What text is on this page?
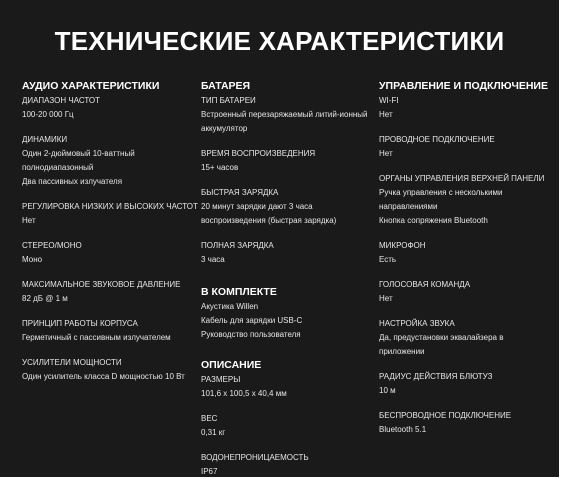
ТЕХНИЧЕСКИЕ ХАРАКТЕРИСТИКИ
АУДИО ХАРАКТЕРИСТИКИ
ДИАПАЗОН ЧАСТОТ
100-20 000 Гц
ДИНАМИКИ
Один 2-дюймовый 10-ваттный
полнодиапазонный
Два пассивных излучателя
РЕГУЛИРОВКА НИЗКИХ И ВЫСОКИХ ЧАСТОТ
Нет
СТЕРЕО/МОНО
Моно
МАКСИМАЛЬНОЕ ЗВУКОВОЕ ДАВЛЕНИЕ
82 дБ @ 1 м
ПРИНЦИП РАБОТЫ КОРПУСА
Герметичный с пассивным излучателем
УСИЛИТЕЛИ МОЩНОСТИ
Один усилитель класса D мощностью 10 Вт
БАТАРЕЯ
ТИП БАТАРЕИ
Встроенный перезаряжаемый литий-ионный
аккумулятор
ВРЕМЯ ВОСПРОИЗВЕДЕНИЯ
15+ часов
БЫСТРАЯ ЗАРЯДКА
20 минут зарядки дают 3 часа
воспроизведения (быстрая зарядка)
ПОЛНАЯ ЗАРЯДКА
3 часа
В КОМПЛЕКТЕ
Акустика Willen
Кабель для зарядки USB-C
Руководство пользователя
ОПИСАНИЕ
РАЗМЕРЫ
101,6 x 100,5 x 40,4 мм
ВЕС
0,31 кг
ВОДОНЕПРОНИЦАЕМОСТЬ
IP67
УПРАВЛЕНИЕ И ПОДКЛЮЧЕНИЕ
WI-FI
Нет
ПРОВОДНОЕ ПОДКЛЮЧЕНИЕ
Нет
ОРГАНЫ УПРАВЛЕНИЯ ВЕРХНЕЙ ПАНЕЛИ
Ручка управления с несколькими
направлениями
Кнопка сопряжения Bluetooth
МИКРОФОН
Есть
ГОЛОСОВАЯ КОМАНДА
Нет
НАСТРОЙКА ЗВУКА
Да, предустановки эквалайзера в
приложении
РАДИУС ДЕЙСТВИЯ БЛЮТУЗ
10 м
БЕСПРОВОДНОЕ ПОДКЛЮЧЕНИЕ
Bluetooth 5.1
